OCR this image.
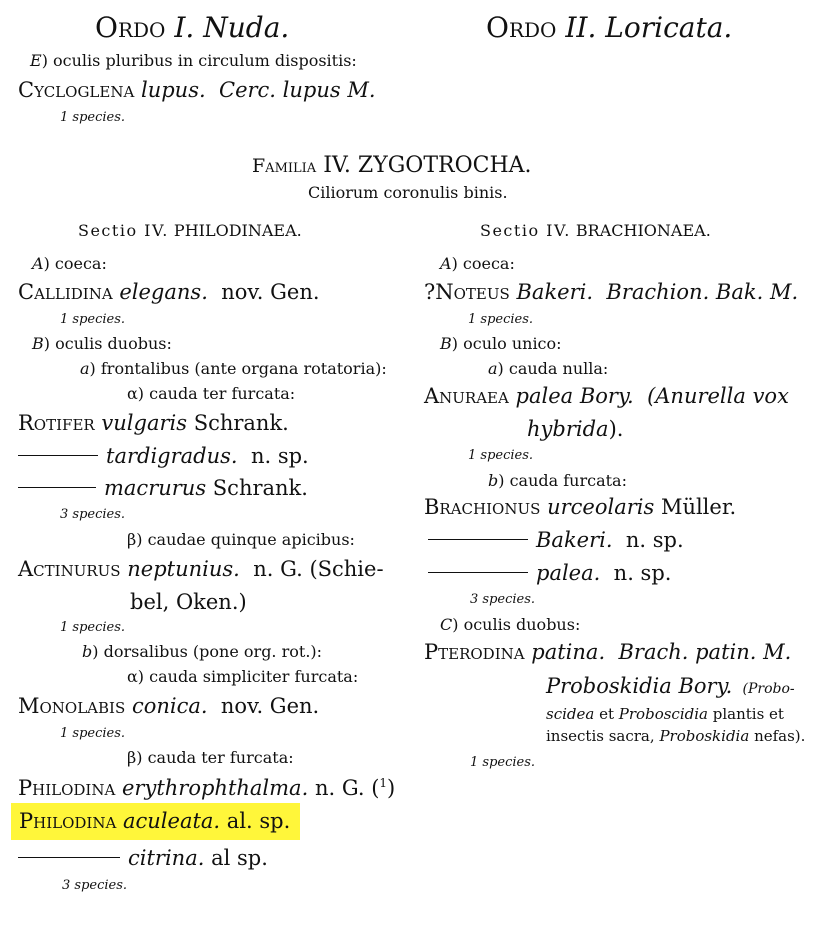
Ordo I. Nuda.	Ordo II. Loricata.
E) oculis pluribus in circulum dispositis:
Cycloglena lupus. Cerc. lupus M.
1 species.
Familia IV. ZYGOTROCHA.
Ciliorum coronulis binis.
Sectio IV. PHILODINAEA.
A) coeca:
Callidina elegans. nov. Gen.
1 species.
B) oculis duobus:
a) frontalibus (ante organa rotatoria):
α) cauda ter furcata:
Rotifer vulgaris Schrank.
tardigradus. n. sp.
macrurus Schrank.
3 species.
β) caudae quinque apicibus:
Actinurus neptunius. n. G. (Schie-
bel, Oken.)
1 species.
b) dorsalibus (pone org. rot.):
α) cauda simpliciter furcata:
Monolabis conica. nov. Gen.
1 species.
β) cauda ter furcata:
Philodina erythrophthalma. n. G. ($^1$)
Philodina aculeata. al. sp.
citrina. al sp.
3 species.
Sectio IV. BRACHIONAEA.
A) coeca:
?Noteus Bakeri. Brachion. Bak. M.
1 species.
B) oculo unico:
a) cauda nulla:
Anuraea palea Bory. (Anurella vox
hybrida).
1 species.
b) cauda furcata:
Brachionus urceolaris Müller.
Bakeri. n. sp.
palea. n. sp.
3 species.
C) oculis duobus:
Pterodina patina. Brach. patin. M.
Proboskidia Bory. (Probo-
scidea et Proboscidia plantis et
insectis sacra, Proboskidia nefas).
1 species.
